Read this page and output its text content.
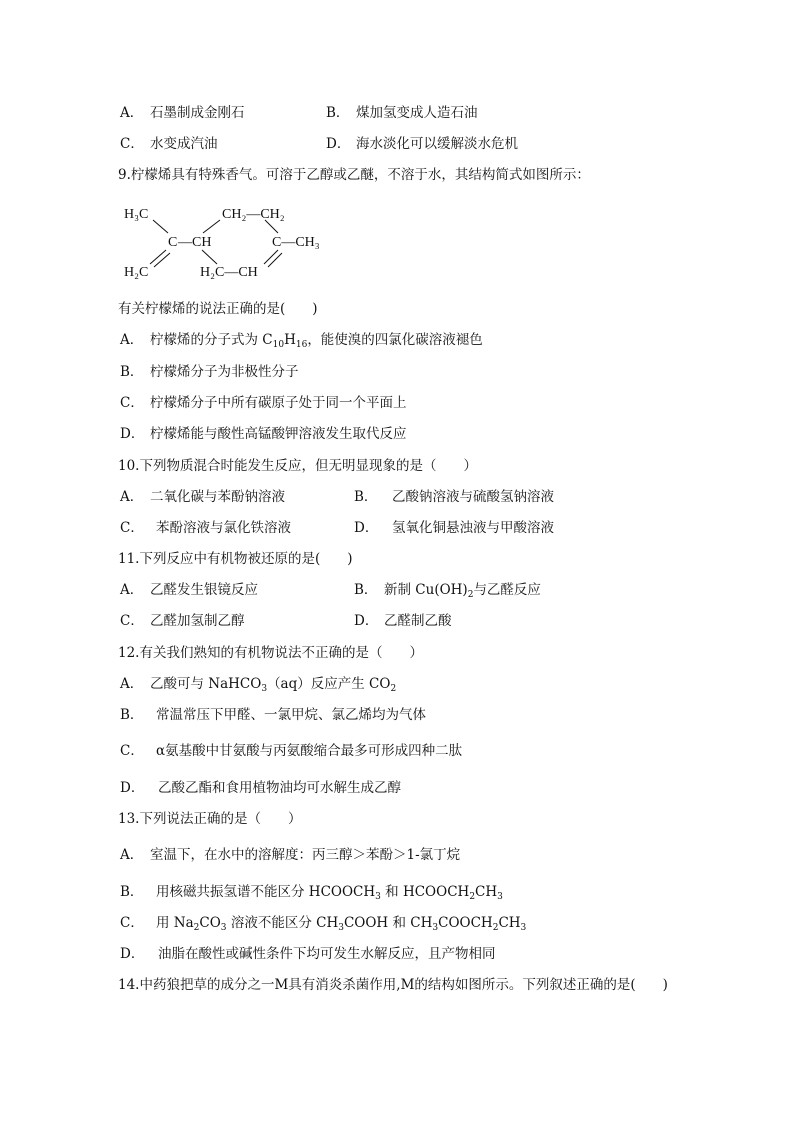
A． 石墨制成金刚石	B． 煤加氢变成人造石油
C． 水变成汽油	D． 海水淡化可以缓解淡水危机
9.柠檬烯具有特殊香气。可溶于乙醇或乙醚，不溶于水，其结构简式如图所示：
H₃C	CH₂—CH₂
C —CH	C—CH₃
H₂C	H₂C—CH
有关柠檬烯的说法正确的是(　　)
A． 柠檬烯的分子式为 $C_{10}H_{16}$，能使溴的四氯化碳溶液褪色
B． 柠檬烯分子为非极性分子
C． 柠檬烯分子中所有碳原子处于同一个平面上
D． 柠檬烯能与酸性高锰酸钾溶液发生取代反应
10.下列物质混合时能发生反应，但无明显现象的是（　　）
A． 二氧化碳与苯酚钠溶液	B． 乙酸钠溶液与硫酸氢钠溶液
C． 苯酚溶液与氯化铁溶液	D． 氢氧化铜悬浊液与甲酸溶液
11.下列反应中有机物被还原的是(　　)
A． 乙醛发生银镜反应	B． 新制 $Cu(OH)_2$与乙醛反应
C． 乙醛加氢制乙醇	D． 乙醛制乙酸
12.有关我们熟知的有机物说法不正确的是（　　）
A． 乙酸可与 NaHCO$_3$（aq）反应产生 $CO_2$
B． 常温常压下甲醛、一氯甲烷、氯乙烯均为气体
C． α氨基酸中甘氨酸与丙氨酸缩合最多可形成四种二肽
D． 乙酸乙酯和食用植物油均可水解生成乙醇
13.下列说法正确的是（　　）
A． 室温下，在水中的溶解度：丙三醇＞苯酚＞1-氯丁烷
B． 用核磁共振氢谱不能区分 $HCOOCH_3$ 和 $HCOOCH_2CH_3$
C． 用 $Na_2CO_3$ 溶液不能区分 $CH_3COOH$ 和 $CH_3COOCH_2CH_3$
D． 油脂在酸性或碱性条件下均可发生水解反应，且产物相同
14.中药狼把草的成分之一M具有消炎杀菌作用,M的结构如图所示。下列叙述正确的是(　　)
